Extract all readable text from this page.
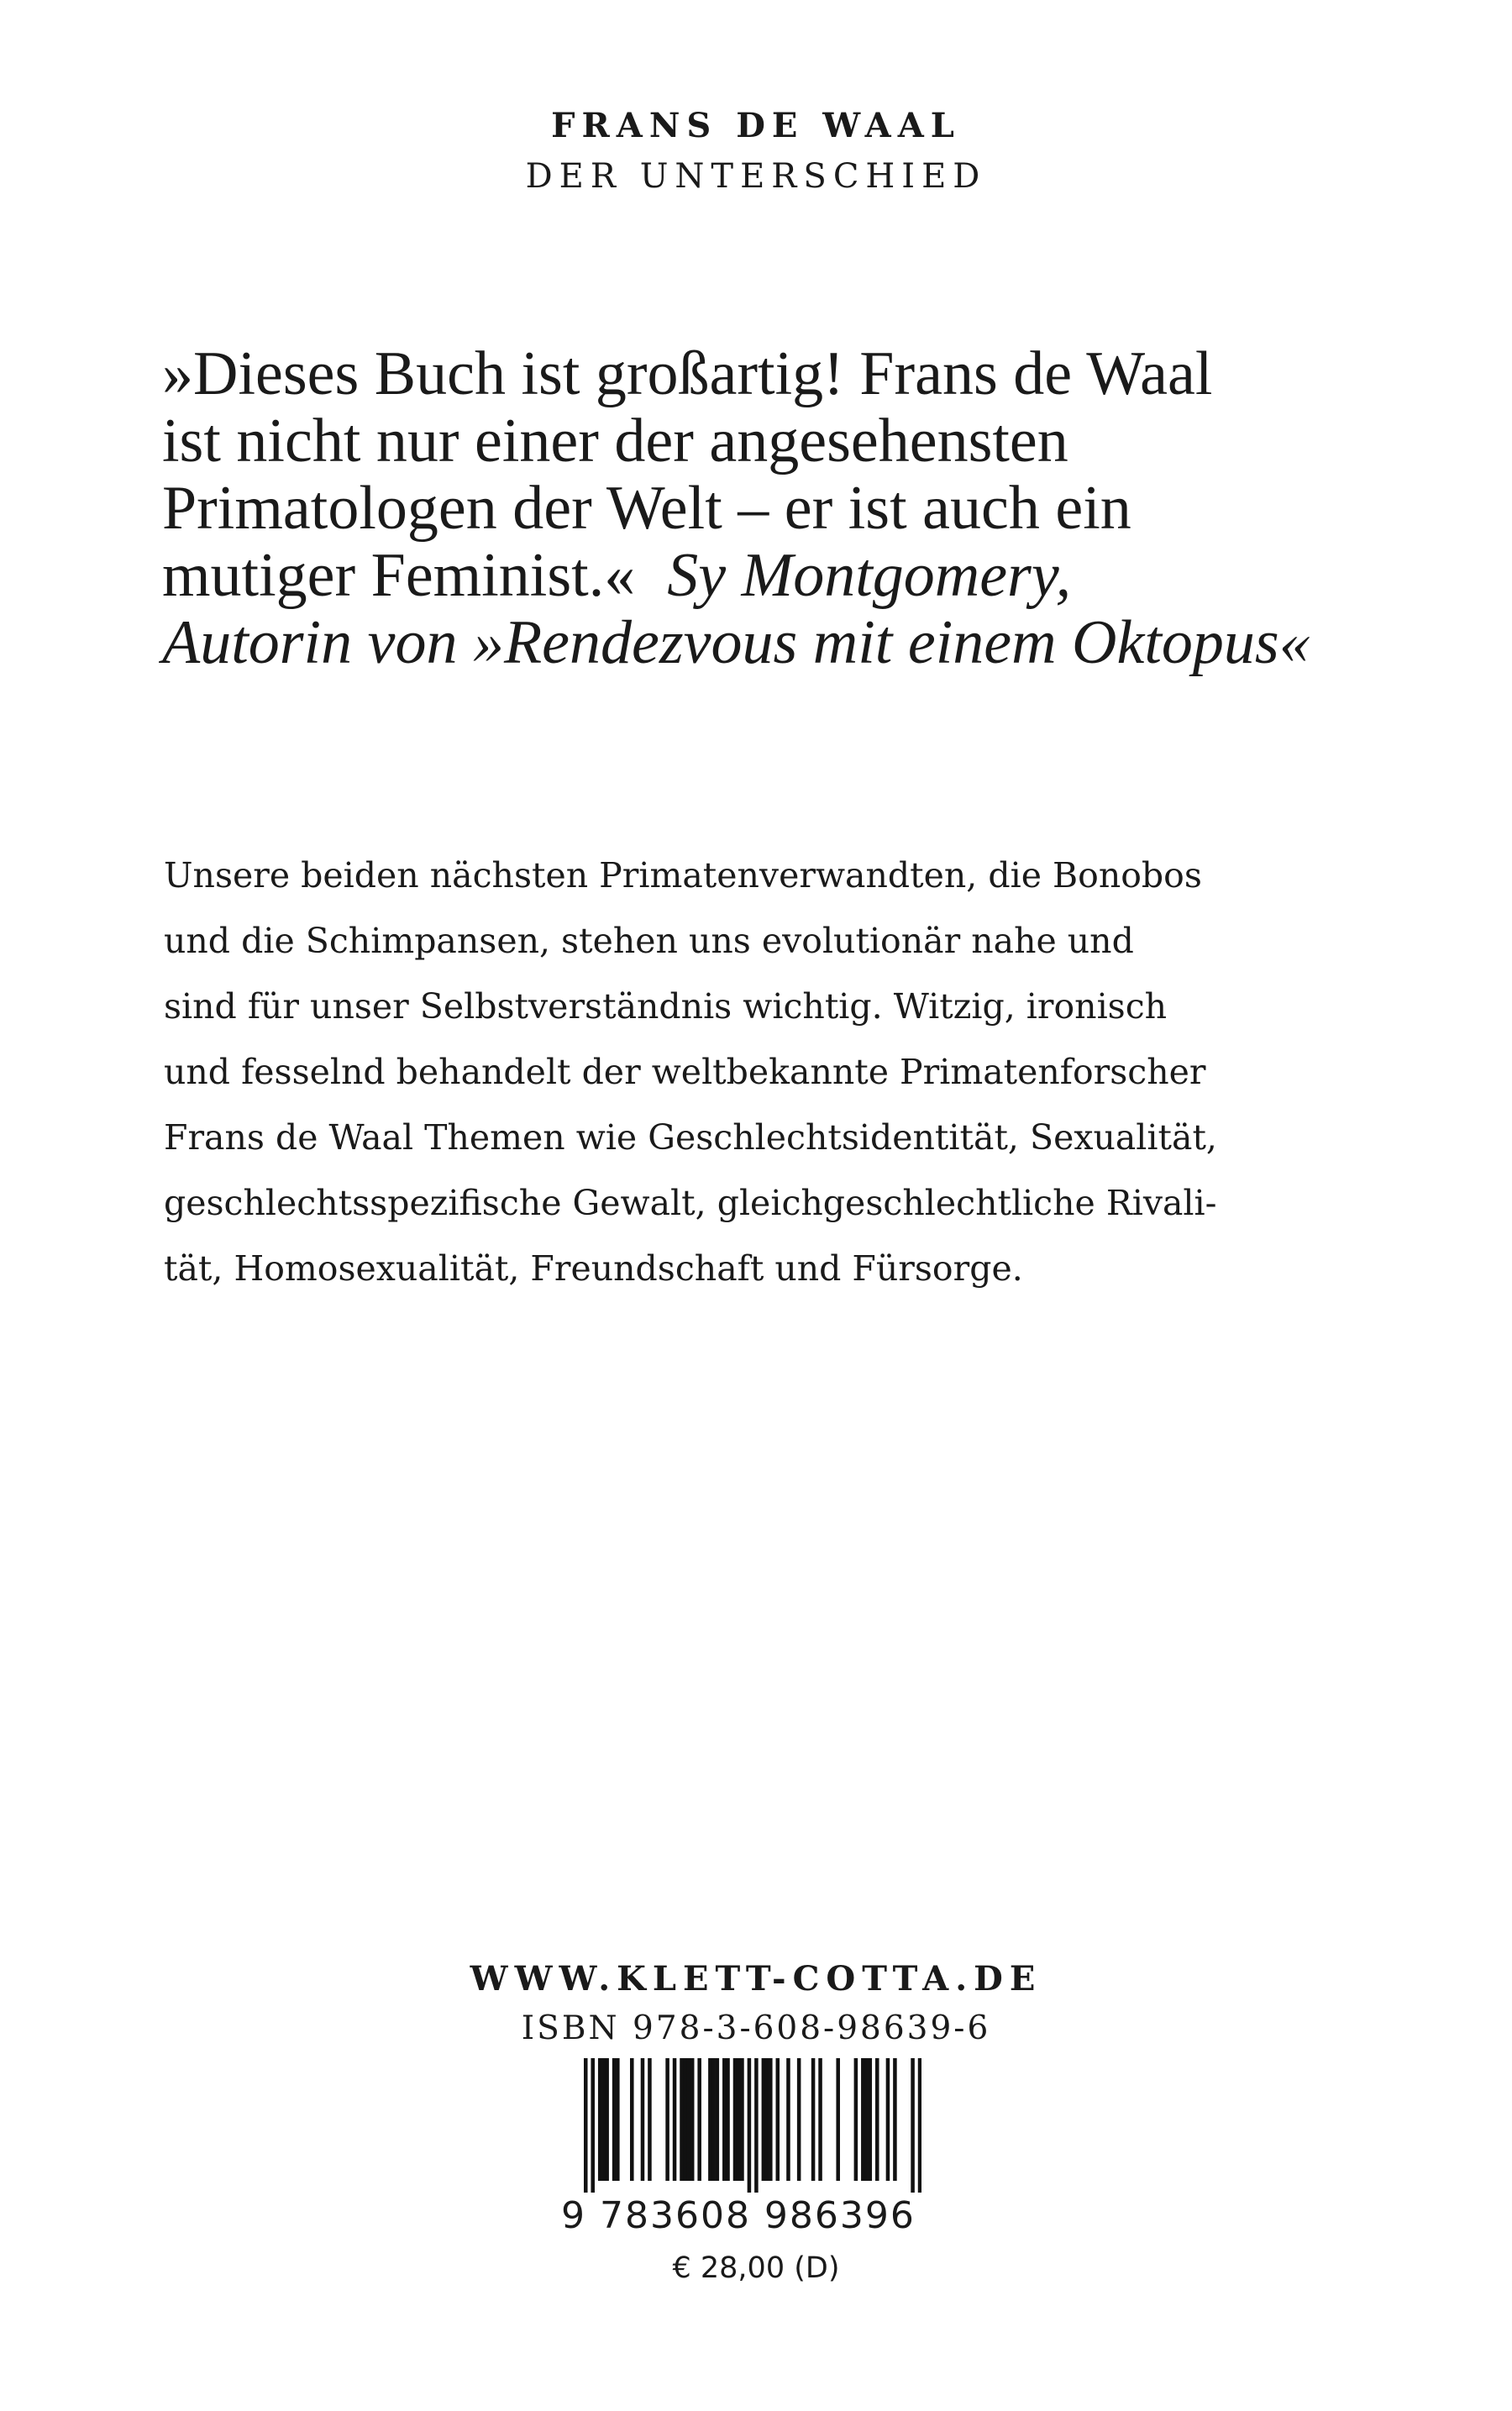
FRANS DE WAAL

DER UNTERSCHIED

»Dieses Buch ist großartig! Frans de Waal

ist nicht nur einer der angesehensten

Primatologen der Welt – er ist auch ein

mutiger Feminist.« Sy Montgomery,

Autorin von »Rendezvous mit einem Oktopus«

Unsere beiden nächsten Primatenverwandten, die Bonobos

und die Schimpansen, stehen uns evolutionär nahe und

sind für unser Selbstverständnis wichtig. Witzig, ironisch

und fesselnd behandelt der weltbekannte Primatenforscher

Frans de Waal Themen wie Geschlechtsidentität, Sexualität,

geschlechtsspezifische Gewalt, gleichgeschlechtliche Rivali-

tät, Homosexualität, Freundschaft und Fürsorge.

WWW.KLETT-COTTA.DE

ISBN 978-3-608-98639-6

9 783608 986396
€ 28,00 (D)
